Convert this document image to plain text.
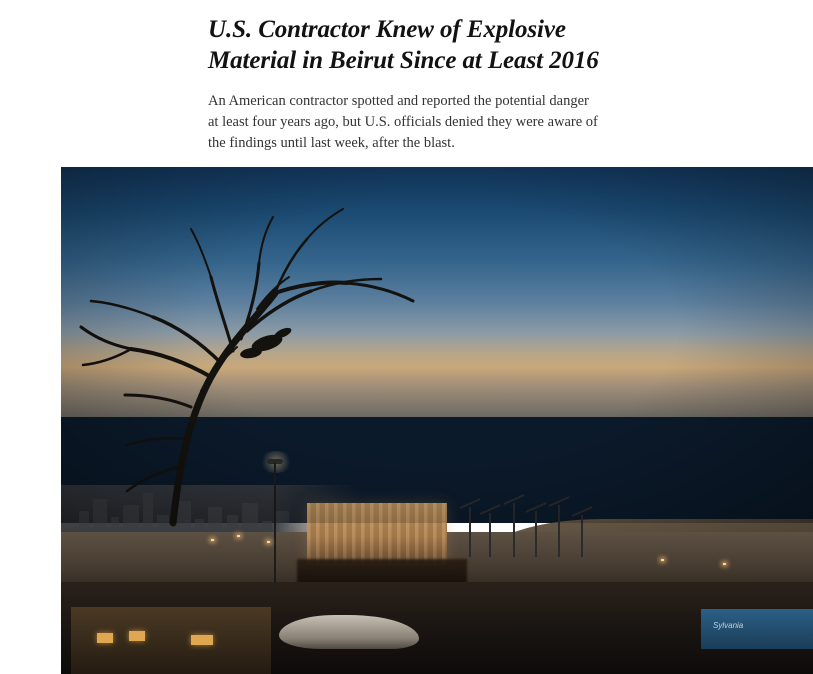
U.S. Contractor Knew of Explosive Material in Beirut Since at Least 2016

An American contractor spotted and reported the potential danger at least four years ago, but U.S. officials denied they were aware of the findings until last week, after the blast.

Sylvania
